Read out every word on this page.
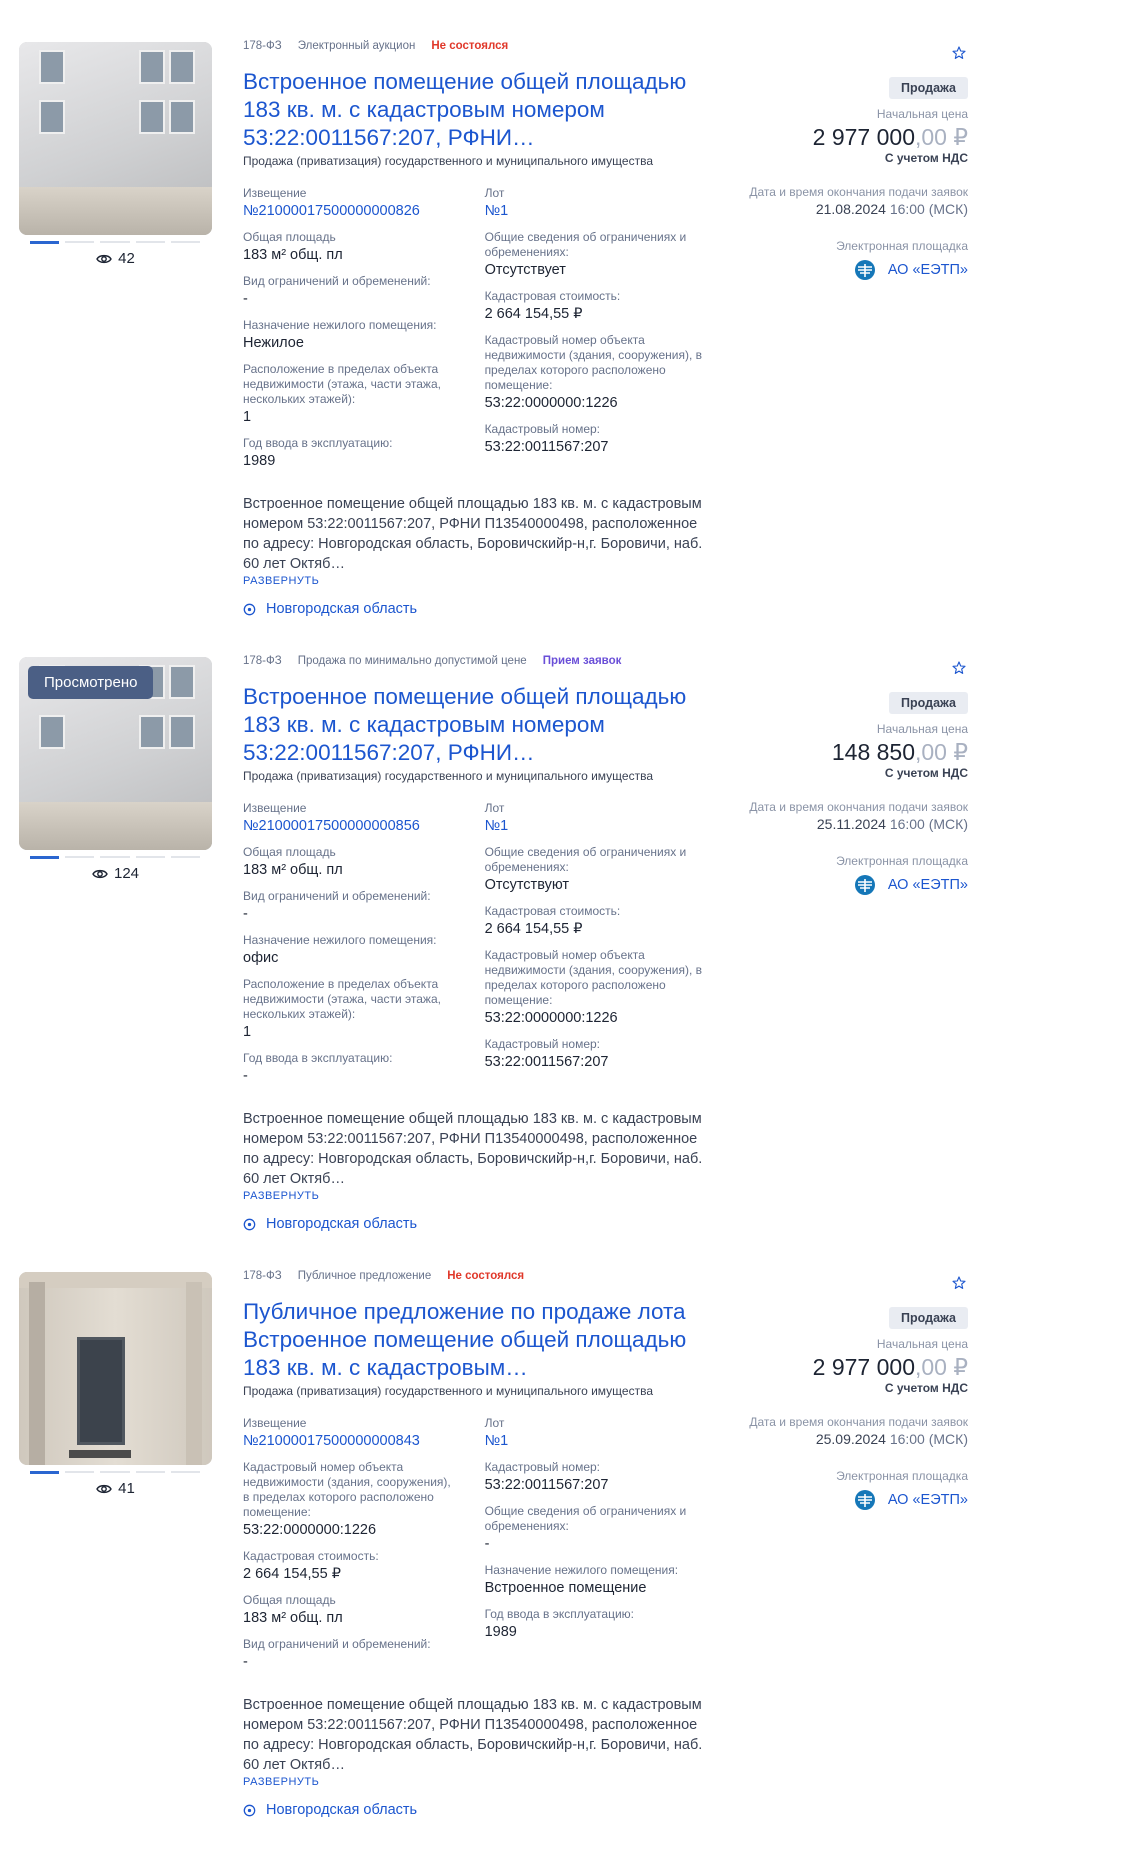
42
178-ФЗ Электронный аукцион Не состоялся
Встроенное помещение общей площадью 183 кв. м. с кадастровым номером 53:22:0011567:207, РФНИ…
Продажа (приватизация) государственного и муниципального имущества
Извещение
№21000017500000000826
Общая площадь
183 м² общ. пл
Вид ограничений и обременений:
-
Назначение нежилого помещения:
Нежилое
Расположение в пределах объекта недвижимости (этажа, части этажа, нескольких этажей):
1
Год ввода в эксплуатацию:
1989
Лот
№1
Общие сведения об ограничениях и обременениях:
Отсутствует
Кадастровая стоимость:
2 664 154,55 ₽
Кадастровый номер объекта недвижимости (здания, сооружения), в пределах которого расположено помещение:
53:22:0000000:1226
Кадастровый номер:
53:22:0011567:207
Встроенное помещение общей площадью 183 кв. м. с кадастровым номером 53:22:0011567:207, РФНИ П13540000498, расположенное по адресу: Новгородская область, Боровичскийр-н,г. Боровичи, наб. 60 лет Октяб…
РАЗВЕРНУТЬ
Новгородская область
Продажа
Начальная цена
2 977 000,00 ₽
С учетом НДС
Дата и время окончания подачи заявок
21.08.2024 16:00 (МСК)
Электронная площадка
АО «ЕЭТП»
Просмотрено
124
178-ФЗ Продажа по минимально допустимой цене Прием заявок
Встроенное помещение общей площадью 183 кв. м. с кадастровым номером 53:22:0011567:207, РФНИ…
Продажа (приватизация) государственного и муниципального имущества
Извещение
№21000017500000000856
Общая площадь
183 м² общ. пл
Вид ограничений и обременений:
-
Назначение нежилого помещения:
офис
Расположение в пределах объекта недвижимости (этажа, части этажа, нескольких этажей):
1
Год ввода в эксплуатацию:
-
Лот
№1
Общие сведения об ограничениях и обременениях:
Отсутствуют
Кадастровая стоимость:
2 664 154,55 ₽
Кадастровый номер объекта недвижимости (здания, сооружения), в пределах которого расположено помещение:
53:22:0000000:1226
Кадастровый номер:
53:22:0011567:207
Встроенное помещение общей площадью 183 кв. м. с кадастровым номером 53:22:0011567:207, РФНИ П13540000498, расположенное по адресу: Новгородская область, Боровичскийр-н,г. Боровичи, наб. 60 лет Октяб…
РАЗВЕРНУТЬ
Новгородская область
Продажа
Начальная цена
148 850,00 ₽
С учетом НДС
Дата и время окончания подачи заявок
25.11.2024 16:00 (МСК)
Электронная площадка
АО «ЕЭТП»
41
178-ФЗ Публичное предложение Не состоялся
Публичное предложение по продаже лота Встроенное помещение общей площадью 183 кв. м. с кадастровым…
Продажа (приватизация) государственного и муниципального имущества
Извещение
№21000017500000000843
Кадастровый номер объекта недвижимости (здания, сооружения), в пределах которого расположено помещение:
53:22:0000000:1226
Кадастровая стоимость:
2 664 154,55 ₽
Общая площадь
183 м² общ. пл
Вид ограничений и обременений:
-
Лот
№1
Кадастровый номер:
53:22:0011567:207
Общие сведения об ограничениях и обременениях:
-
Назначение нежилого помещения:
Встроенное помещение
Год ввода в эксплуатацию:
1989
Встроенное помещение общей площадью 183 кв. м. с кадастровым номером 53:22:0011567:207, РФНИ П13540000498, расположенное по адресу: Новгородская область, Боровичскийр-н,г. Боровичи, наб. 60 лет Октяб…
РАЗВЕРНУТЬ
Новгородская область
Продажа
Начальная цена
2 977 000,00 ₽
С учетом НДС
Дата и время окончания подачи заявок
25.09.2024 16:00 (МСК)
Электронная площадка
АО «ЕЭТП»
